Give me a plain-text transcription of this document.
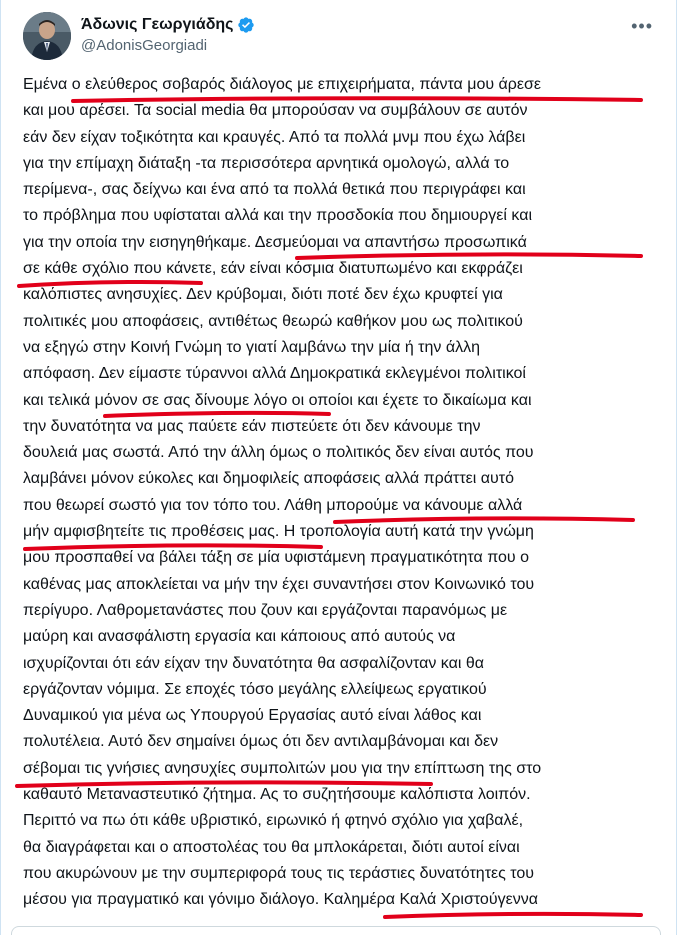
Άδωνις Γεωργιάδης
@AdonisGeorgiadi
•••
Εμένα ο ελεύθερος σοβαρός διάλογος με επιχειρήματα, πάντα μου άρεσε
και μου αρέσει. Τα social media θα μπορούσαν να συμβάλουν σε αυτόν
εάν δεν είχαν τοξικότητα και κραυγές. Από τα πολλά μνμ που έχω λάβει
για την επίμαχη διάταξη -τα περισσότερα αρνητικά ομολογώ, αλλά το
περίμενα-, σας δείχνω και ένα από τα πολλά θετικά που περιγράφει και
το πρόβλημα που υφίσταται αλλά και την προσδοκία που δημιουργεί και
για την οποία την εισηγηθήκαμε. Δεσμεύομαι να απαντήσω προσωπικά
σε κάθε σχόλιο που κάνετε, εάν είναι κόσμια διατυπωμένο και εκφράζει
καλόπιστες ανησυχίες. Δεν κρύβομαι, διότι ποτέ δεν έχω κρυφτεί για
πολιτικές μου αποφάσεις, αντιθέτως θεωρώ καθήκον μου ως πολιτικού
να εξηγώ στην Κοινή Γνώμη το γιατί λαμβάνω την μία ή την άλλη
απόφαση. Δεν είμαστε τύραννοι αλλά Δημοκρατικά εκλεγμένοι πολιτικοί
και τελικά μόνον σε σας δίνουμε λόγο οι οποίοι και έχετε το δικαίωμα και
την δυνατότητα να μας παύετε εάν πιστεύετε ότι δεν κάνουμε την
δουλειά μας σωστά. Από την άλλη όμως ο πολιτικός δεν είναι αυτός που
λαμβάνει μόνον εύκολες και δημοφιλείς αποφάσεις αλλά πράττει αυτό
που θεωρεί σωστό για τον τόπο του. Λάθη μπορούμε να κάνουμε αλλά
μήν αμφισβητείτε τις προθέσεις μας. Η τροπολογία αυτή κατά την γνώμη
μου προσπαθεί να βάλει τάξη σε μία υφιστάμενη πραγματικότητα που ο
καθένας μας αποκλείεται να μήν την έχει συναντήσει στον Κοινωνικό του
περίγυρο. Λαθρομετανάστες που ζουν και εργάζονται παρανόμως με
μαύρη και ανασφάλιστη εργασία και κάποιους από αυτούς να
ισχυρίζονται ότι εάν είχαν την δυνατότητα θα ασφαλίζονταν και θα
εργάζονταν νόμιμα. Σε εποχές τόσο μεγάλης ελλείψεως εργατικού
Δυναμικού για μένα ως Υπουργού Εργασίας αυτό είναι λάθος και
πολυτέλεια. Αυτό δεν σημαίνει όμως ότι δεν αντιλαμβάνομαι και δεν
σέβομαι τις γνήσιες ανησυχίες συμπολιτών μου για την επίπτωση της στο
καθαυτό Μεταναστευτικό ζήτημα. Ας το συζητήσουμε καλόπιστα λοιπόν.
Περιττό να πω ότι κάθε υβριστικό, ειρωνικό ή φτηνό σχόλιο για χαβαλέ,
θα διαγράφεται και ο αποστολέας του θα μπλοκάρεται, διότι αυτοί είναι
που ακυρώνουν με την συμπεριφορά τους τις τεράστιες δυνατότητες του
μέσου για πραγματικό και γόνιμο διάλογο. Καλημέρα Καλά Χριστούγεννα
